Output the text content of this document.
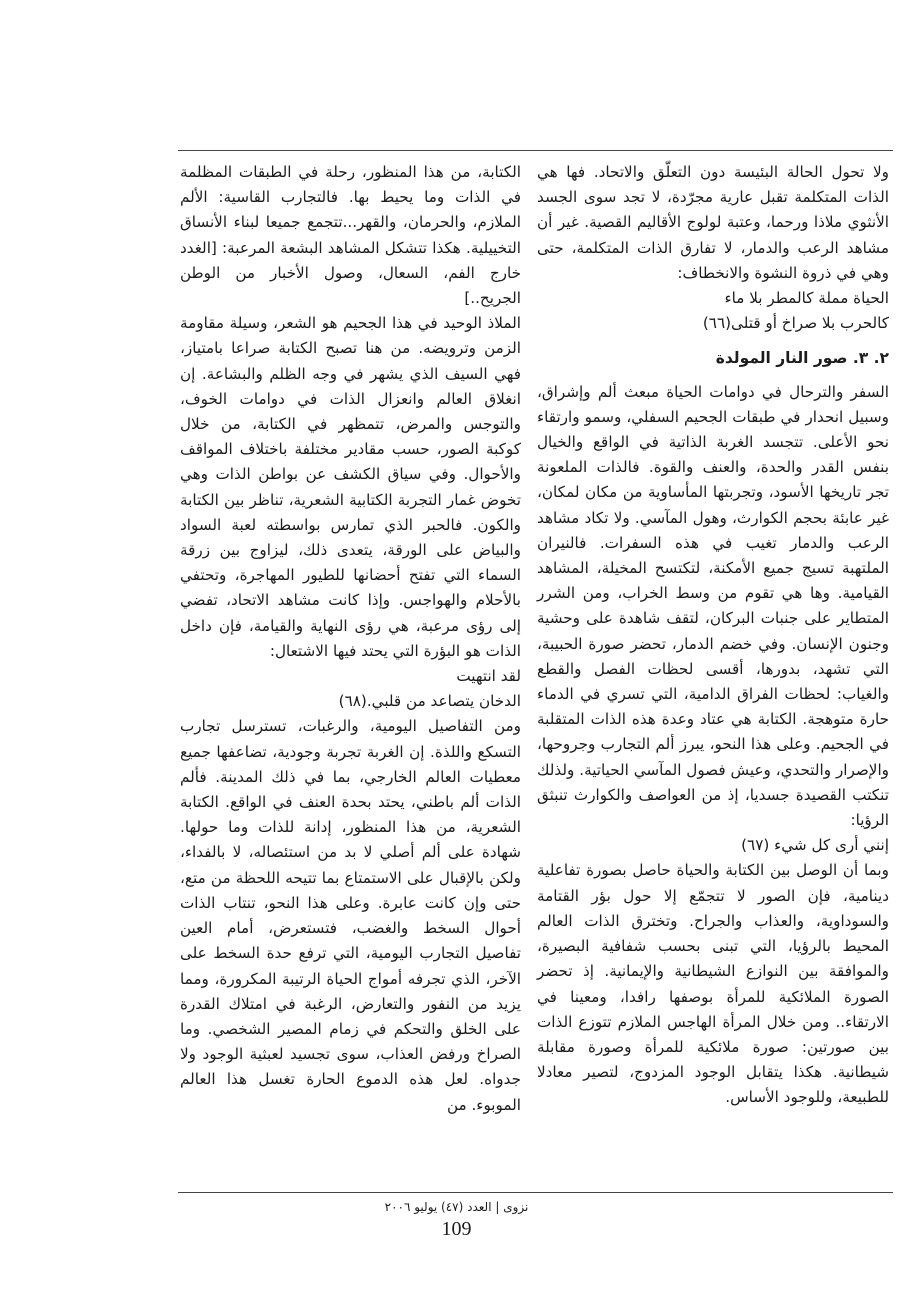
ولا تحول الحالة البئيسة دون التعلّق والاتحاد. فها هي الذات المتكلمة تقبل عارية مجرّدة، لا تجد سوى الجسد الأنثوي ملاذا ورحما، وعتبة لولوج الأقاليم القصية. غير أن مشاهد الرعب والدمار، لا تفارق الذات المتكلمة، حتى وهي في ذروة النشوة والانخطاف:

الحياة مملة كالمطر بلا ماء

كالحرب بلا صراخ أو قتلى(٦٦)

٢. ٣. صور النار المولدة

السفر والترحال في دوامات الحياة مبعث ألم وإشراق، وسبيل انحدار في طبقات الجحيم السفلي، وسمو وارتقاء نحو الأعلى. تتجسد الغربة الذاتية في الواقع والخيال بنفس القدر والحدة، والعنف والقوة. فالذات الملعونة تجر تاريخها الأسود، وتجربتها المأساوية من مكان لمكان، غير عابئة بحجم الكوارث، وهول المآسي. ولا تكاد مشاهد الرعب والدمار تغيب في هذه السفرات. فالنيران الملتهبة تسيج جميع الأمكنة، لتكتسح المخيلة، المشاهد القيامية. وها هي تقوم من وسط الخراب، ومن الشرر المتطاير على جنبات البركان، لتقف شاهدة على وحشية وجنون الإنسان. وفي خضم الدمار، تحضر صورة الحبيبة، التي تشهد، بدورها، أقسى لحظات الفصل والقطع والغياب: لحظات الفراق الدامية، التي تسري في الدماء حارة متوهجة. الكتابة هي عتاد وعدة هذه الذات المتقلبة في الجحيم. وعلى هذا النحو، يبرز ألم التجارب وجروحها، والإصرار والتحدي، وعيش فصول المآسي الحياتية. ولذلك تنكتب القصيدة جسديا، إذ من العواصف والكوارث تنبثق الرؤيا:

إنني أرى كل شيء (٦٧)

وبما أن الوصل بين الكتابة والحياة حاصل بصورة تفاعلية دينامية، فإن الصور لا تتجمّع إلا حول بؤر القتامة والسوداوية، والعذاب والجراح. وتخترق الذات العالم المحيط بالرؤيا، التي تبنى بحسب شفافية البصيرة، والموافقة بين النوازع الشيطانية والإيمانية. إذ تحضر الصورة الملائكية للمرأة بوصفها رافدا، ومعينا في الارتقاء.. ومن خلال المرأة الهاجس الملازم تتوزع الذات بين صورتين: صورة ملائكية للمرأة وصورة مقابلة شيطانية. هكذا يتقابل الوجود المزدوج، لتصير معادلا للطبيعة، وللوجود الأساس.

الكتابة، من هذا المنظور، رحلة في الطبقات المظلمة في الذات وما يحيط بها. فالتجارب القاسية: الألم الملازم، والحرمان، والقهر...تتجمع جميعا لبناء الأنساق التخييلية. هكذا تتشكل المشاهد البشعة المرعبة: [الغدد خارج الفم، السعال، وصول الأخبار من الوطن الجريح..]

الملاذ الوحيد في هذا الجحيم هو الشعر، وسيلة مقاومة الزمن وترويضه. من هنا تصبح الكتابة صراعا بامتياز، فهي السيف الذي يشهر في وجه الظلم والبشاعة. إن انغلاق العالم وانعزال الذات في دوامات الخوف، والتوجس والمرض، تتمظهر في الكتابة، من خلال كوكبة الصور، حسب مقادير مختلفة باختلاف المواقف والأحوال. وفي سياق الكشف عن بواطن الذات وهي تخوض غمار التجربة الكتابية الشعرية، تناظر بين الكتابة والكون. فالحبر الذي تمارس بواسطته لعبة السواد والبياض على الورقة، يتعدى ذلك، ليزاوج بين زرقة السماء التي تفتح أحضانها للطيور المهاجرة، وتحتفي بالأحلام والهواجس. وإذا كانت مشاهد الاتحاد، تفضي إلى رؤى مرعبة، هي رؤى النهاية والقيامة، فإن داخل الذات هو البؤرة التي يحتد فيها الاشتعال:

لقد انتهيت

الدخان يتصاعد من قلبي.(٦٨)

ومن التفاصيل اليومية، والرغبات، تسترسل تجارب التسكع واللذة. إن الغربة تجربة وجودية، تضاعفها جميع معطيات العالم الخارجي، بما في ذلك المدينة. فألم الذات ألم باطني، يحتد بحدة العنف في الواقع. الكتابة الشعرية، من هذا المنظور، إدانة للذات وما حولها. شهادة على ألم أصلي لا بد من استئصاله، لا بالفداء، ولكن بالإقبال على الاستمتاع بما تتيحه اللحظة من متع، حتى وإن كانت عابرة. وعلى هذا النحو، تنتاب الذات أحوال السخط والغضب، فتستعرض، أمام العين تفاصيل التجارب اليومية، التي ترفع حدة السخط على الآخر، الذي تجرفه أمواج الحياة الرتيبة المكرورة، ومما يزيد من النفور والتعارض، الرغبة في امتلاك القدرة على الخلق والتحكم في زمام المصير الشخصي. وما الصراخ ورفض العذاب، سوى تجسيد لعبثية الوجود ولا جدواه. لعل هذه الدموع الحارة تغسل هذا العالم الموبوء. من

نزوى | العدد (٤٧) يوليو ٢٠٠٦
109
